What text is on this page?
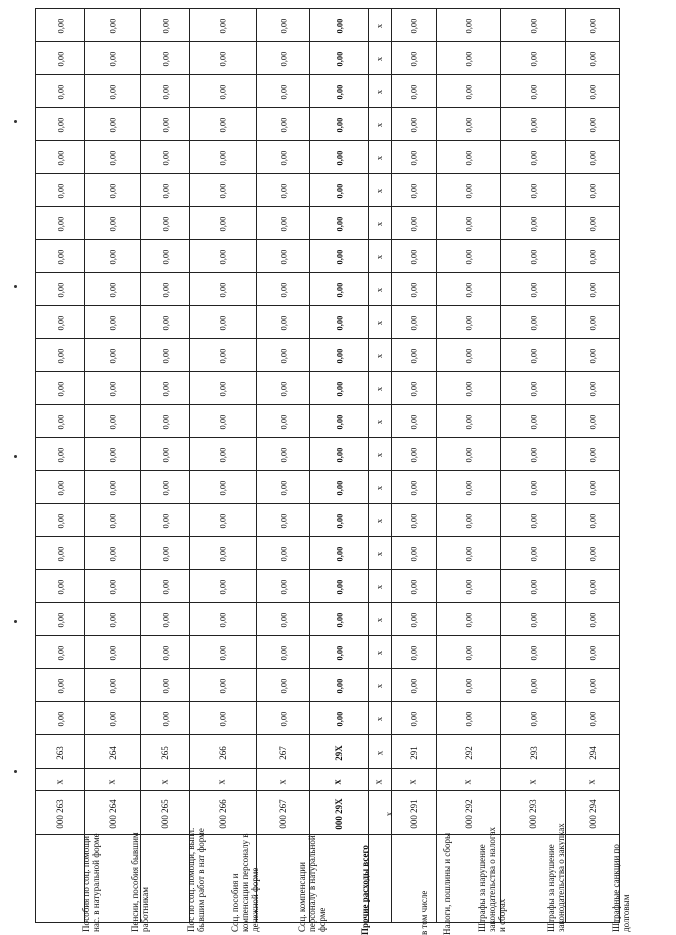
0,00	0,00	0,00	0,00	0,00	0,00	x	0,00	0,00	0,00	0,00
0,00	0,00	0,00	0,00	0,00	0,00	x	0,00	0,00	0,00	0,00
0,00	0,00	0,00	0,00	0,00	0,00	x	0,00	0,00	0,00	0,00
0,00	0,00	0,00	0,00	0,00	0,00	x	0,00	0,00	0,00	0,00
0,00	0,00	0,00	0,00	0,00	0,00	x	0,00	0,00	0,00	0,00
0,00	0,00	0,00	0,00	0,00	0,00	x	0,00	0,00	0,00	0,00
0,00	0,00	0,00	0,00	0,00	0,00	x	0,00	0,00	0,00	0,00
0,00	0,00	0,00	0,00	0,00	0,00	x	0,00	0,00	0,00	0,00
0,00	0,00	0,00	0,00	0,00	0,00	x	0,00	0,00	0,00	0,00
0,00	0,00	0,00	0,00	0,00	0,00	x	0,00	0,00	0,00	0,00
0,00	0,00	0,00	0,00	0,00	0,00	x	0,00	0,00	0,00	0,00
0,00	0,00	0,00	0,00	0,00	0,00	x	0,00	0,00	0,00	0,00
0,00	0,00	0,00	0,00	0,00	0,00	x	0,00	0,00	0,00	0,00
0,00	0,00	0,00	0,00	0,00	0,00	x	0,00	0,00	0,00	0,00
0,00	0,00	0,00	0,00	0,00	0,00	x	0,00	0,00	0,00	0,00
0,00	0,00	0,00	0,00	0,00	0,00	x	0,00	0,00	0,00	0,00
0,00	0,00	0,00	0,00	0,00	0,00	x	0,00	0,00	0,00	0,00
0,00	0,00	0,00	0,00	0,00	0,00	x	0,00	0,00	0,00	0,00
0,00	0,00	0,00	0,00	0,00	0,00	x	0,00	0,00	0,00	0,00
0,00	0,00	0,00	0,00	0,00	0,00	x	0,00	0,00	0,00	0,00
0,00	0,00	0,00	0,00	0,00	0,00	x	0,00	0,00	0,00	0,00
0,00	0,00	0,00	0,00	0,00	0,00	x	0,00	0,00	0,00	0,00
263	264	265	266	267	29Х	x	291	292	293	294
x	x	x	x	x	x	x	x	x	x	x
000 263	000 264	000 265	000 266	000 267	000 29Х	x	000 291	000 292	000 293	000 294
Пособия по соц. помощи нас. в натуральной форме	Пенсии, пособия бывшим работникам	Пос по соц. помощи, выпл. бывшим работ в нат форме	Соц. пособия и компенсации персоналу в денежной форме	Соц. компенсации персоналу в натуральной форме	Прочие расходы всего	в том числе	Налоги, пошлины и сборы	Штрафы за нарушение законодательства о налогах и сборах	Штрафы за нарушение законодательства о закупках	Штрафные санкции по долговым
